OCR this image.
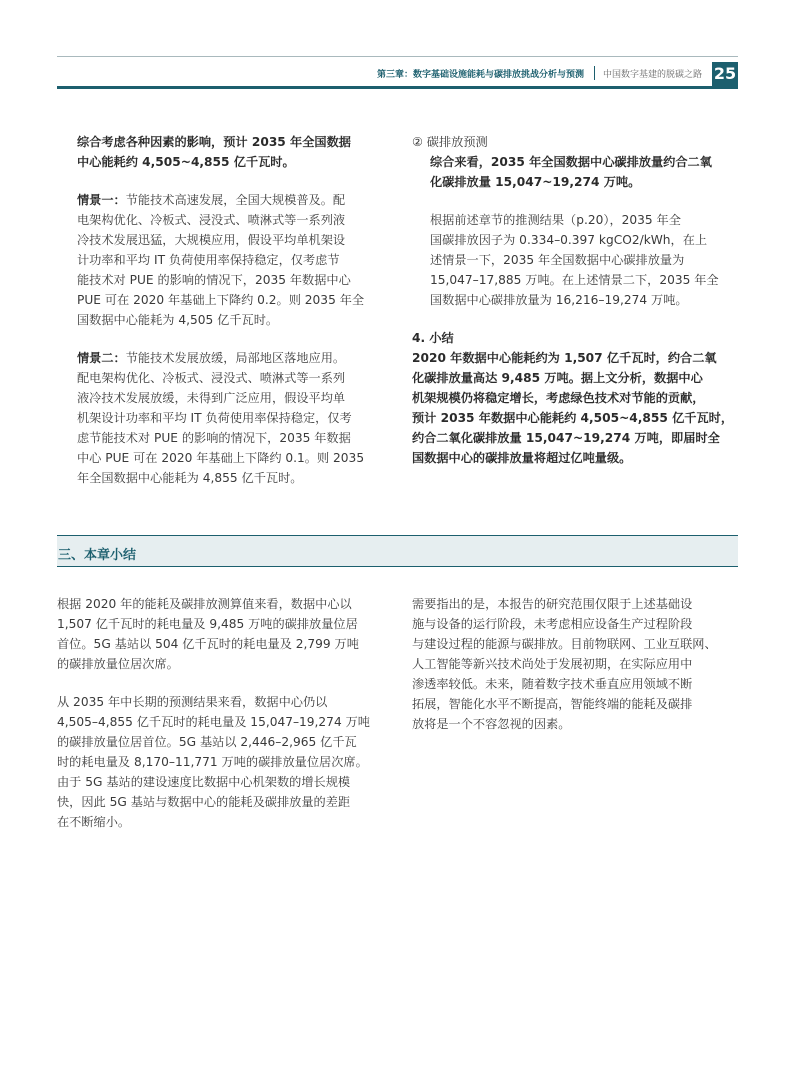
第三章：数字基础设施能耗与碳排放挑战分析与预测 中国数字基建的脱碳之路 25

综合考虑各种因素的影响，预计 2035 年全国数据
中心能耗约 4,505~4,855 亿千瓦时。

情景一：节能技术高速发展，全国大规模普及。配
电架构优化、冷板式、浸没式、喷淋式等一系列液
冷技术发展迅猛，大规模应用，假设平均单机架设
计功率和平均 IT 负荷使用率保持稳定，仅考虑节
能技术对 PUE 的影响的情况下，2035 年数据中心
PUE 可在 2020 年基础上下降约 0.2。则 2035 年全
国数据中心能耗为 4,505 亿千瓦时。

情景二：节能技术发展放缓，局部地区落地应用。
配电架构优化、冷板式、浸没式、喷淋式等一系列
液冷技术发展放缓，未得到广泛应用，假设平均单
机架设计功率和平均 IT 负荷使用率保持稳定，仅考
虑节能技术对 PUE 的影响的情况下，2035 年数据
中心 PUE 可在 2020 年基础上下降约 0.1。则 2035
年全国数据中心能耗为 4,855 亿千瓦时。

② 碳排放预测

综合来看，2035 年全国数据中心碳排放量约合二氧
化碳排放量 15,047~19,274 万吨。

根据前述章节的推测结果（p.20），2035 年全
国碳排放因子为 0.334–0.397 kgCO2/kWh，在上
述情景一下，2035 年全国数据中心碳排放量为
15,047–17,885 万吨。在上述情景二下，2035 年全
国数据中心碳排放量为 16,216–19,274 万吨。

4. 小结

2020 年数据中心能耗约为 1,507 亿千瓦时，约合二氧
化碳排放量高达 9,485 万吨。据上文分析，数据中心
机架规模仍将稳定增长，考虑绿色技术对节能的贡献，
预计 2035 年数据中心能耗约 4,505~4,855 亿千瓦时，
约合二氧化碳排放量 15,047~19,274 万吨，即届时全
国数据中心的碳排放量将超过亿吨量级。

三、本章小结

根据 2020 年的能耗及碳排放测算值来看，数据中心以
1,507 亿千瓦时的耗电量及 9,485 万吨的碳排放量位居
首位。5G 基站以 504 亿千瓦时的耗电量及 2,799 万吨
的碳排放量位居次席。

从 2035 年中长期的预测结果来看，数据中心仍以
4,505–4,855 亿千瓦时的耗电量及 15,047–19,274 万吨
的碳排放量位居首位。5G 基站以 2,446–2,965 亿千瓦
时的耗电量及 8,170–11,771 万吨的碳排放量位居次席。
由于 5G 基站的建设速度比数据中心机架数的增长规模
快，因此 5G 基站与数据中心的能耗及碳排放量的差距
在不断缩小。

需要指出的是，本报告的研究范围仅限于上述基础设
施与设备的运行阶段，未考虑相应设备生产过程阶段
与建设过程的能源与碳排放。目前物联网、工业互联网、
人工智能等新兴技术尚处于发展初期，在实际应用中
渗透率较低。未来，随着数字技术垂直应用领域不断
拓展，智能化水平不断提高，智能终端的能耗及碳排
放将是一个不容忽视的因素。
